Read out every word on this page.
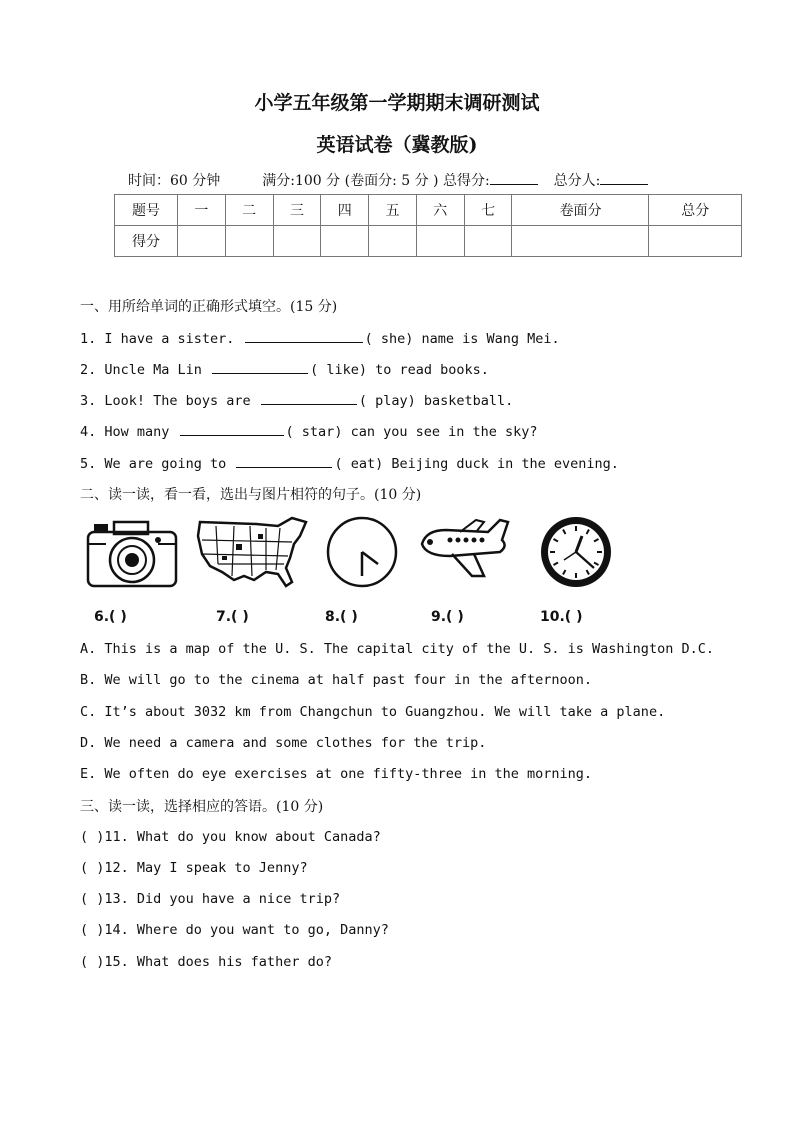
小学五年级第一学期期末调研测试
英语试卷（冀教版)
时间：60 分钟	满分:100 分 (卷面分: 5 分 ) 总得分:	总分人:
题号	一	二	三	四	五	六	七	卷面分	总分
得分									
一、用所给单词的正确形式填空。(15 分)
1. I have a sister.	( she) name is Wang Mei.
2. Uncle Ma Lin	( like) to read books.
3. Look! The boys are	( play) basketball.
4. How many	( star) can you see in the sky?
5. We are going to	( eat) Beijing duck in the evening.
二、读一读，看一看，选出与图片相符的句子。(10 分)
6.( )	7.( )	8.( )	9.( )	10.( )
A. This is a map of the U. S. The capital city of the U. S. is Washington D.C.
B. We will go to the cinema at half past four in the afternoon.
C. It’s about 3032 km from Changchun to Guangzhou. We will take a plane.
D. We need a camera and some clothes for the trip.
E. We often do eye exercises at one fifty-three in the morning.
三、读一读，选择相应的答语。(10 分)
( )11. What do you know about Canada?
( )12. May I speak to Jenny?
( )13. Did you have a nice trip?
( )14. Where do you want to go, Danny?
( )15. What does his father do?
